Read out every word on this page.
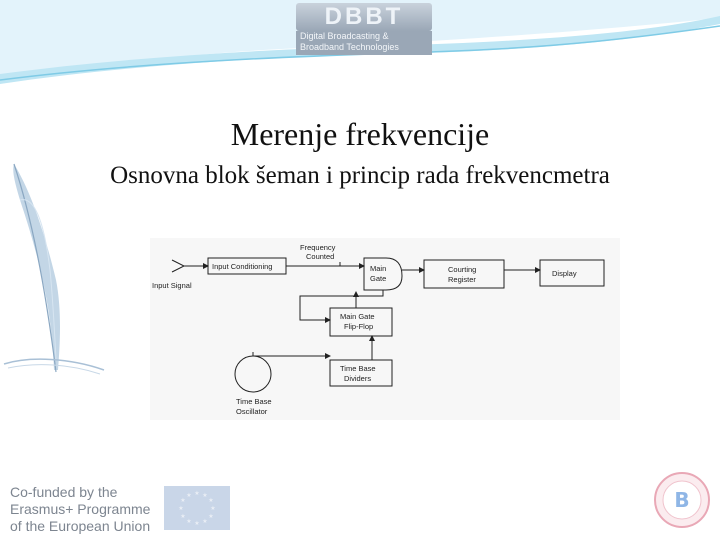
DBBT
Digital Broadcasting &
Broadband Technologies
Merenje frekvencije
Osnovna blok šeman i princip rada frekvencmetra
Input Signal
Input Conditioning
Frequency
Counted
Main
Gate
Courting
Register
Display
Main Gate
Flip-Flop
Time Base
Dividers
Time Base
Oscillator
Co-funded by the
Erasmus+ Programme
of the European Union
★ ★
★
★
★
★
★
★
★
★
★
★	B
